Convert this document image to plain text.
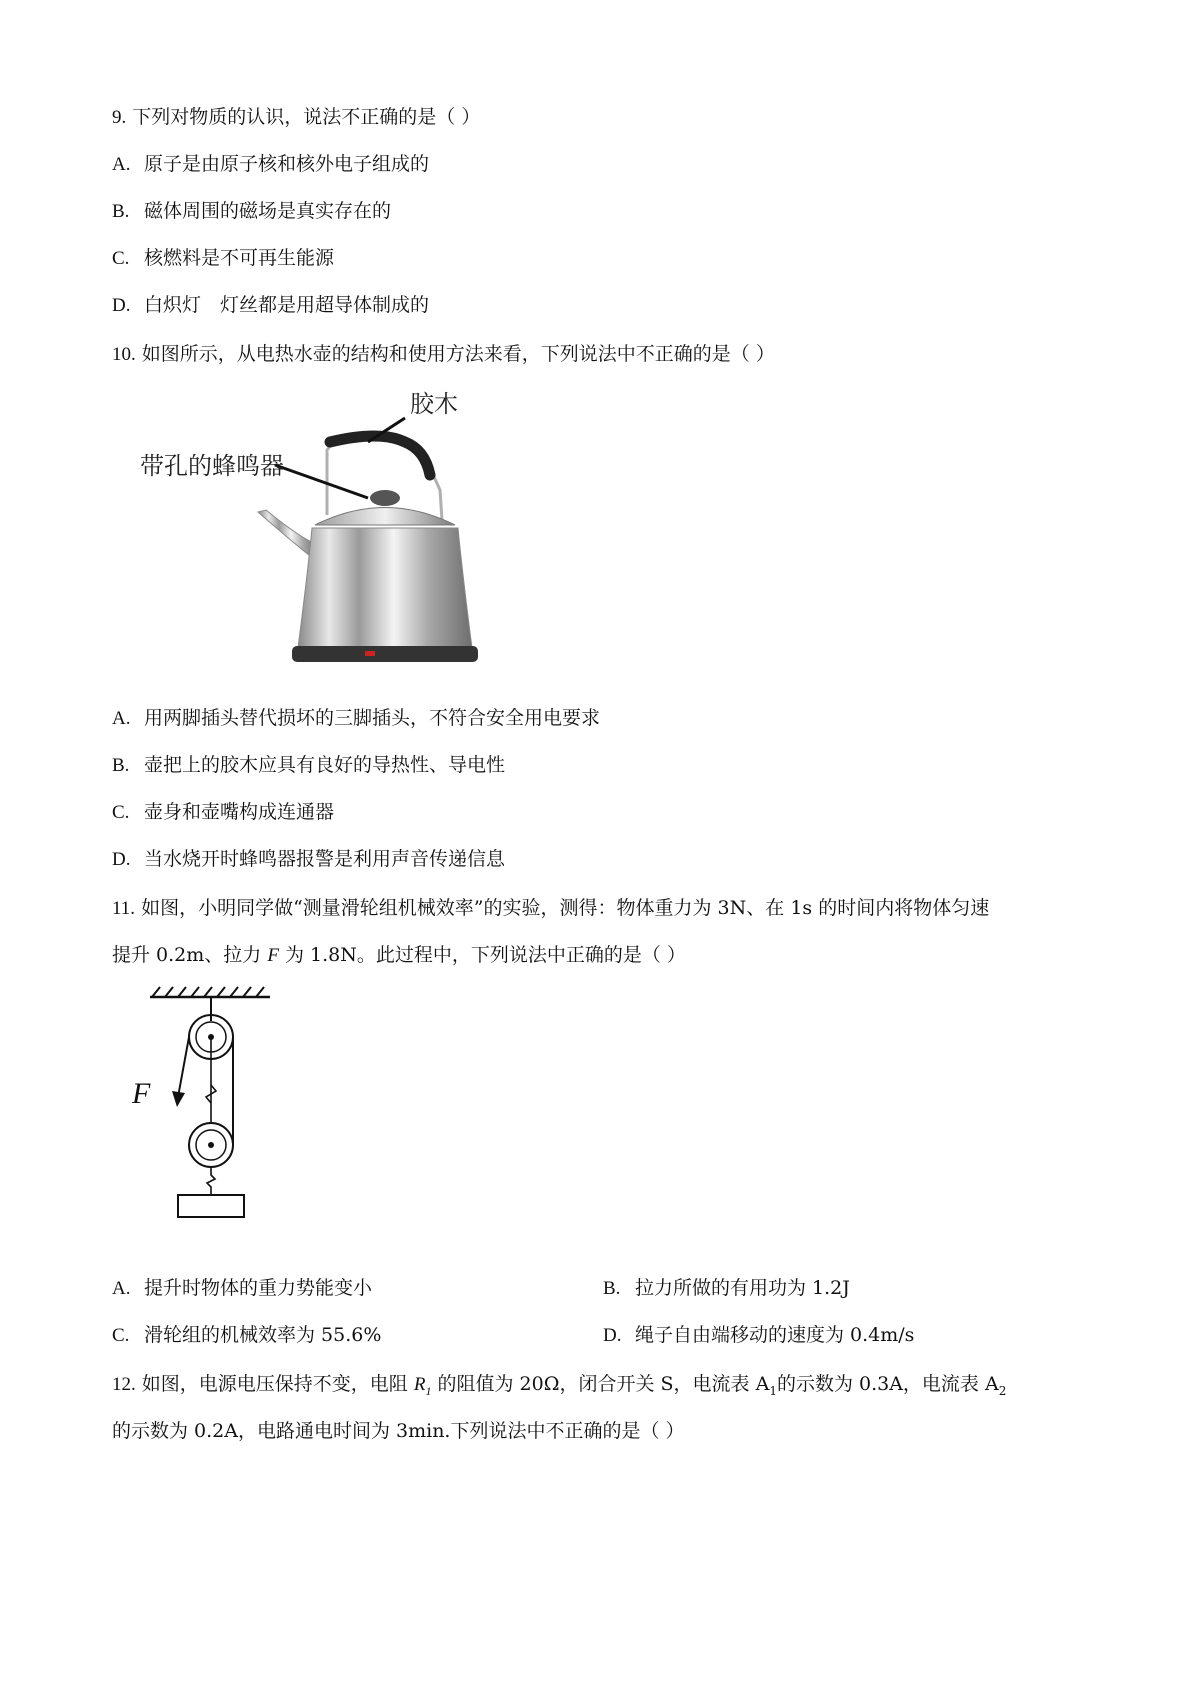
9. 下列对物质的认识，说法不正确的是（ ）
A. 原子是由原子核和核外电子组成的
B. 磁体周围的磁场是真实存在的
C. 核燃料是不可再生能源
D. 白炽灯　灯丝都是用超导体制成的
10. 如图所示，从电热水壶的结构和使用方法来看，下列说法中不正确的是（ ）
胶木
带孔的蜂鸣器
A. 用两脚插头替代损坏的三脚插头，不符合安全用电要求
B. 壶把上的胶木应具有良好的导热性、导电性
C. 壶身和壶嘴构成连通器
D. 当水烧开时蜂鸣器报警是利用声音传递信息
11. 如图，小明同学做“测量滑轮组机械效率”的实验，测得：物体重力为 3N、在 1s 的时间内将物体匀速
提升 0.2m、拉力 F 为 1.8N。此过程中，下列说法中正确的是（ ）
F
A. 提升时物体的重力势能变小	B. 拉力所做的有用功为 1.2J
C. 滑轮组的机械效率为 55.6%	D. 绳子自由端移动的速度为 0.4m/s
12. 如图，电源电压保持不变，电阻 $R_1$ 的阻值为 20Ω，闭合开关 S，电流表 $A_1$的示数为 0.3A，电流表 $A_2$
的示数为 0.2A，电路通电时间为 3min.下列说法中不正确的是（ ）
